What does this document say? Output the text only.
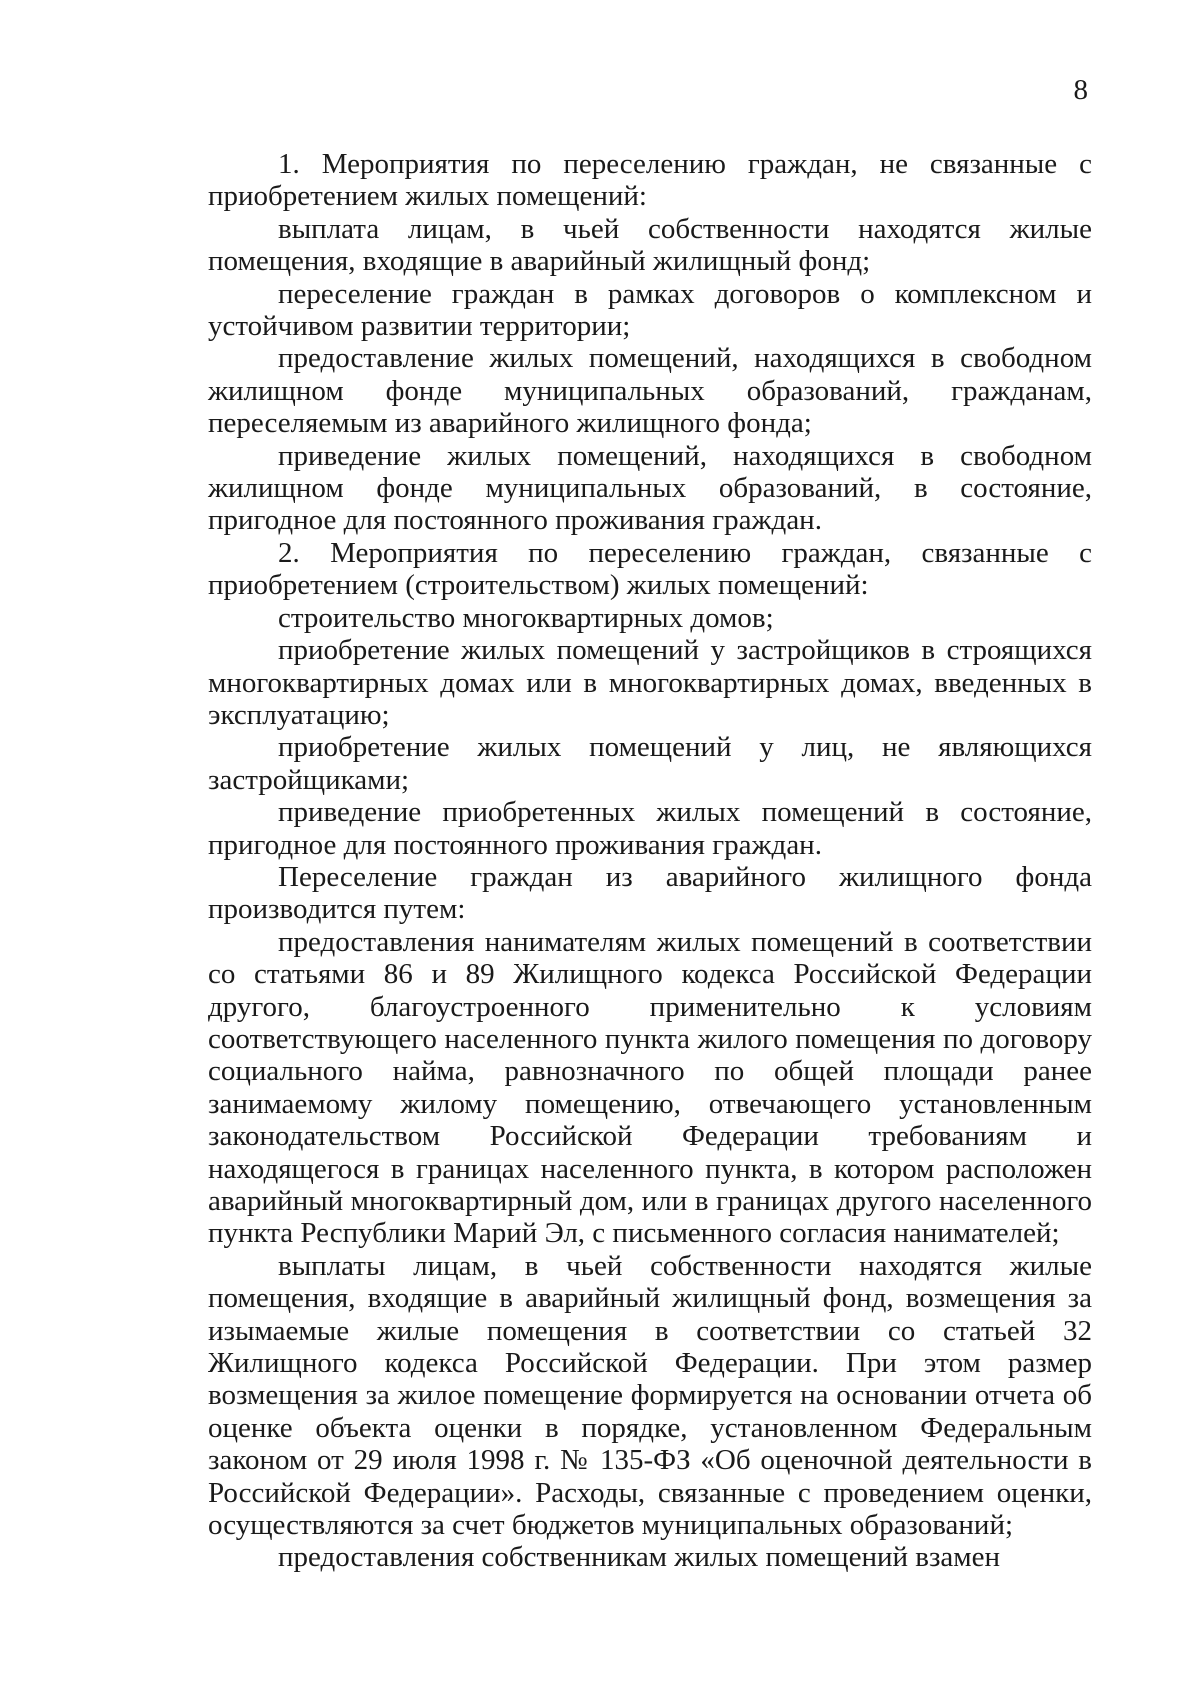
8

1. Мероприятия по переселению граждан, не связанные с приобретением жилых помещений:

выплата лицам, в чьей собственности находятся жилые помещения, входящие в аварийный жилищный фонд;

переселение граждан в рамках договоров о комплексном и устойчивом развитии территории;

предоставление жилых помещений, находящихся в свободном жилищном фонде муниципальных образований, гражданам, переселяемым из аварийного жилищного фонда;

приведение жилых помещений, находящихся в свободном жилищном фонде муниципальных образований, в состояние, пригодное для постоянного проживания граждан.

2. Мероприятия по переселению граждан, связанные с приобретением (строительством) жилых помещений:

строительство многоквартирных домов;

приобретение жилых помещений у застройщиков в строящихся многоквартирных домах или в многоквартирных домах, введенных в эксплуатацию;

приобретение жилых помещений у лиц, не являющихся застройщиками;

приведение приобретенных жилых помещений в состояние, пригодное для постоянного проживания граждан.

Переселение граждан из аварийного жилищного фонда производится путем:

предоставления нанимателям жилых помещений в соответствии со статьями 86 и 89 Жилищного кодекса Российской Федерации другого, благоустроенного применительно к условиям соответствующего населенного пункта жилого помещения по договору социального найма, равнозначного по общей площади ранее занимаемому жилому помещению, отвечающего установленным законодательством Российской Федерации требованиям и находящегося в границах населенного пункта, в котором расположен аварийный многоквартирный дом, или в границах другого населенного пункта Республики Марий Эл, с письменного согласия нанимателей;

выплаты лицам, в чьей собственности находятся жилые помещения, входящие в аварийный жилищный фонд, возмещения за изымаемые жилые помещения в соответствии со статьей 32 Жилищного кодекса Российской Федерации. При этом размер возмещения за жилое помещение формируется на основании отчета об оценке объекта оценки в порядке, установленном Федеральным законом от 29 июля 1998 г. № 135-ФЗ «Об оценочной деятельности в Российской Федерации». Расходы, связанные с проведением оценки, осуществляются за счет бюджетов муниципальных образований;

предоставления собственникам жилых помещений взамен
